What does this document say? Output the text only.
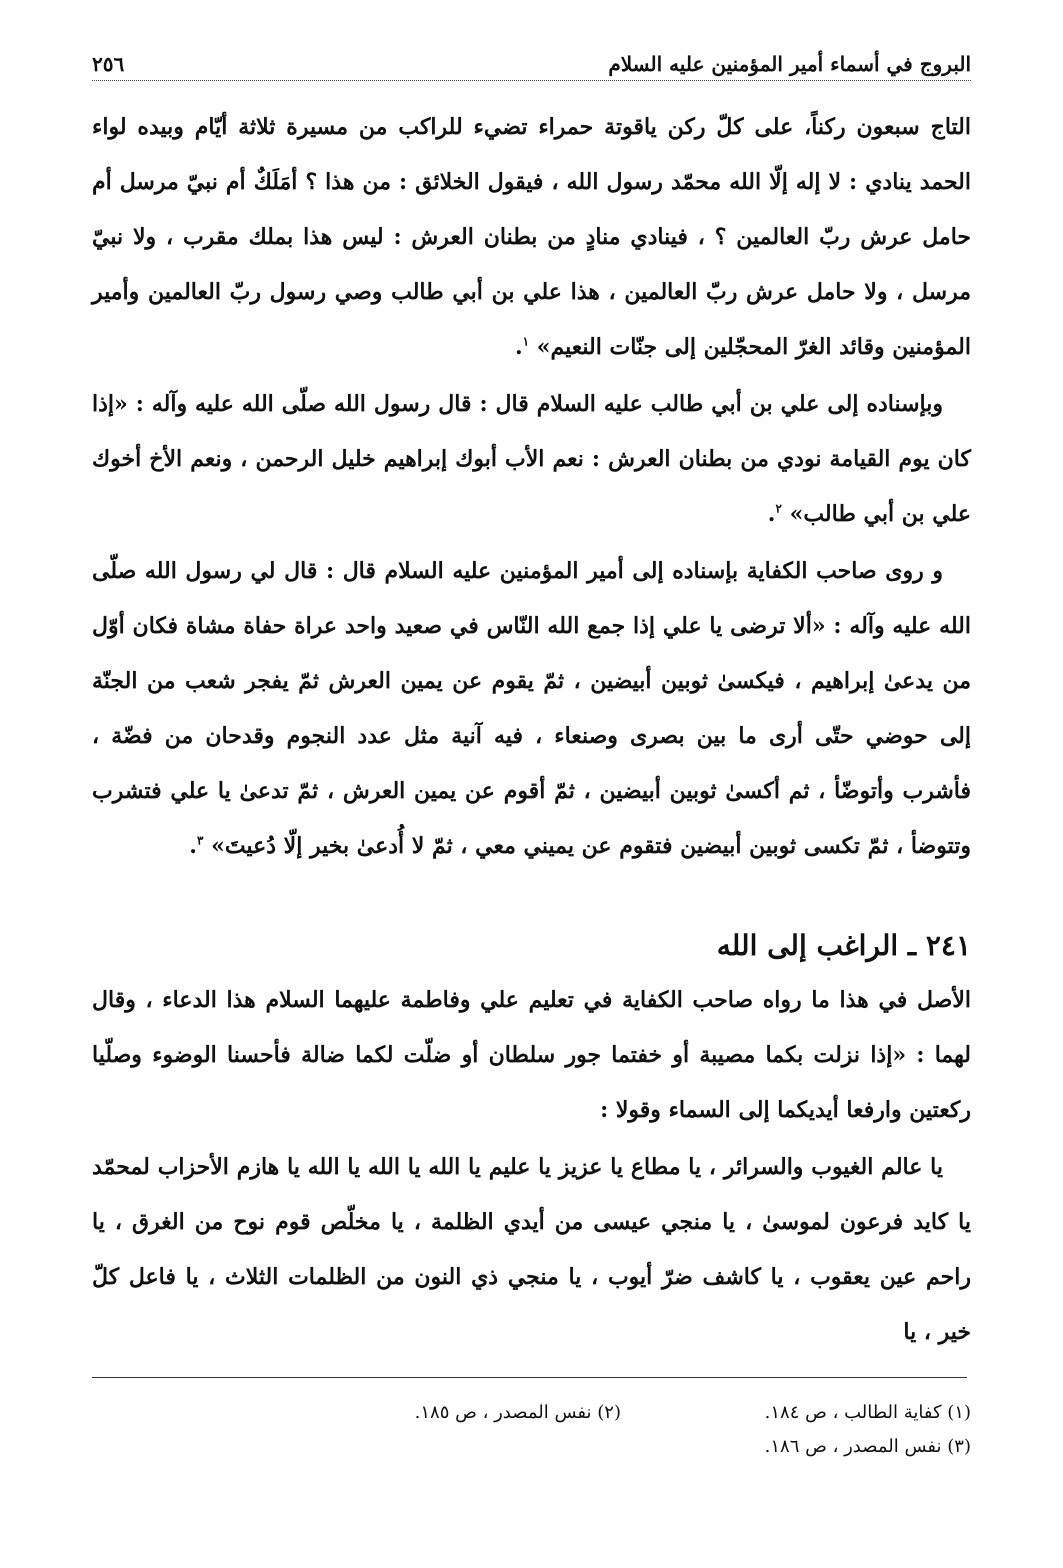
البروج في أسماء أمير المؤمنين عليه السلام
٢٥٦

التاج سبعون ركناً، على كلّ ركن ياقوتة حمراء تضيء للراكب من مسيرة ثلاثة أيّام وبيده لواء الحمد ينادي : لا إله إلّا الله محمّد رسول الله ، فيقول الخلائق : من هذا ؟ أمَلَكٌ أم نبيّ مرسل أم حامل عرش ربّ العالمين ؟ ، فينادي منادٍ من بطنان العرش : ليس هذا بملك مقرب ، ولا نبيّ مرسل ، ولا حامل عرش ربّ العالمين ، هذا علي بن أبي طالب وصي رسول ربّ العالمين وأمير المؤمنين وقائد الغرّ المحجّلين إلى جنّات النعيم» $^١$.

وبإسناده إلى علي بن أبي طالب عليه السلام قال : قال رسول الله صلّى الله عليه وآله : «إذا كان يوم القيامة نودي من بطنان العرش : نعم الأب أبوك إبراهيم خليل الرحمن ، ونعم الأخ أخوك علي بن أبي طالب» $^٢$.

و روى صاحب الكفاية بإسناده إلى أمير المؤمنين عليه السلام قال : قال لي رسول الله صلّى الله عليه وآله : «ألا ترضى يا علي إذا جمع الله النّاس في صعيد واحد عراة حفاة مشاة فكان أوّل من يدعىٰ إبراهيم ، فيكسىٰ ثوبين أبيضين ، ثمّ يقوم عن يمين العرش ثمّ يفجر شعب من الجنّة إلى حوضي حتّى أرى ما بين بصرى وصنعاء ، فيه آنية مثل عدد النجوم وقدحان من فضّة ، فأشرب وأتوضّأ ، ثم أكسىٰ ثوبين أبيضين ، ثمّ أقوم عن يمين العرش ، ثمّ تدعىٰ يا علي فتشرب وتتوضأ ، ثمّ تكسى ثوبين أبيضين فتقوم عن يميني معي ، ثمّ لا أُدعىٰ بخير إلّا دُعيتَ» $^٣$.

٢٤١ ـ الراغب إلى الله

الأصل في هذا ما رواه صاحب الكفاية في تعليم علي وفاطمة عليهما السلام هذا الدعاء ، وقال لهما : «إذا نزلت بكما مصيبة أو خفتما جور سلطان أو ضلّت لكما ضالة فأحسنا الوضوء وصلّيا ركعتين وارفعا أيديكما إلى السماء وقولا :

يا عالم الغيوب والسرائر ، يا مطاع يا عزيز يا عليم يا الله يا الله يا الله يا هازم الأحزاب لمحمّد يا كايد فرعون لموسىٰ ، يا منجي عيسى من أيدي الظلمة ، يا مخلّص قوم نوح من الغرق ، يا راحم عين يعقوب ، يا كاشف ضرّ أيوب ، يا منجي ذي النون من الظلمات الثلاث ، يا فاعل كلّ خير ، يا

(١) كفاية الطالب ، ص ١٨٤.
(٢) نفس المصدر ، ص ١٨٥.
(٣) نفس المصدر ، ص ١٨٦.
